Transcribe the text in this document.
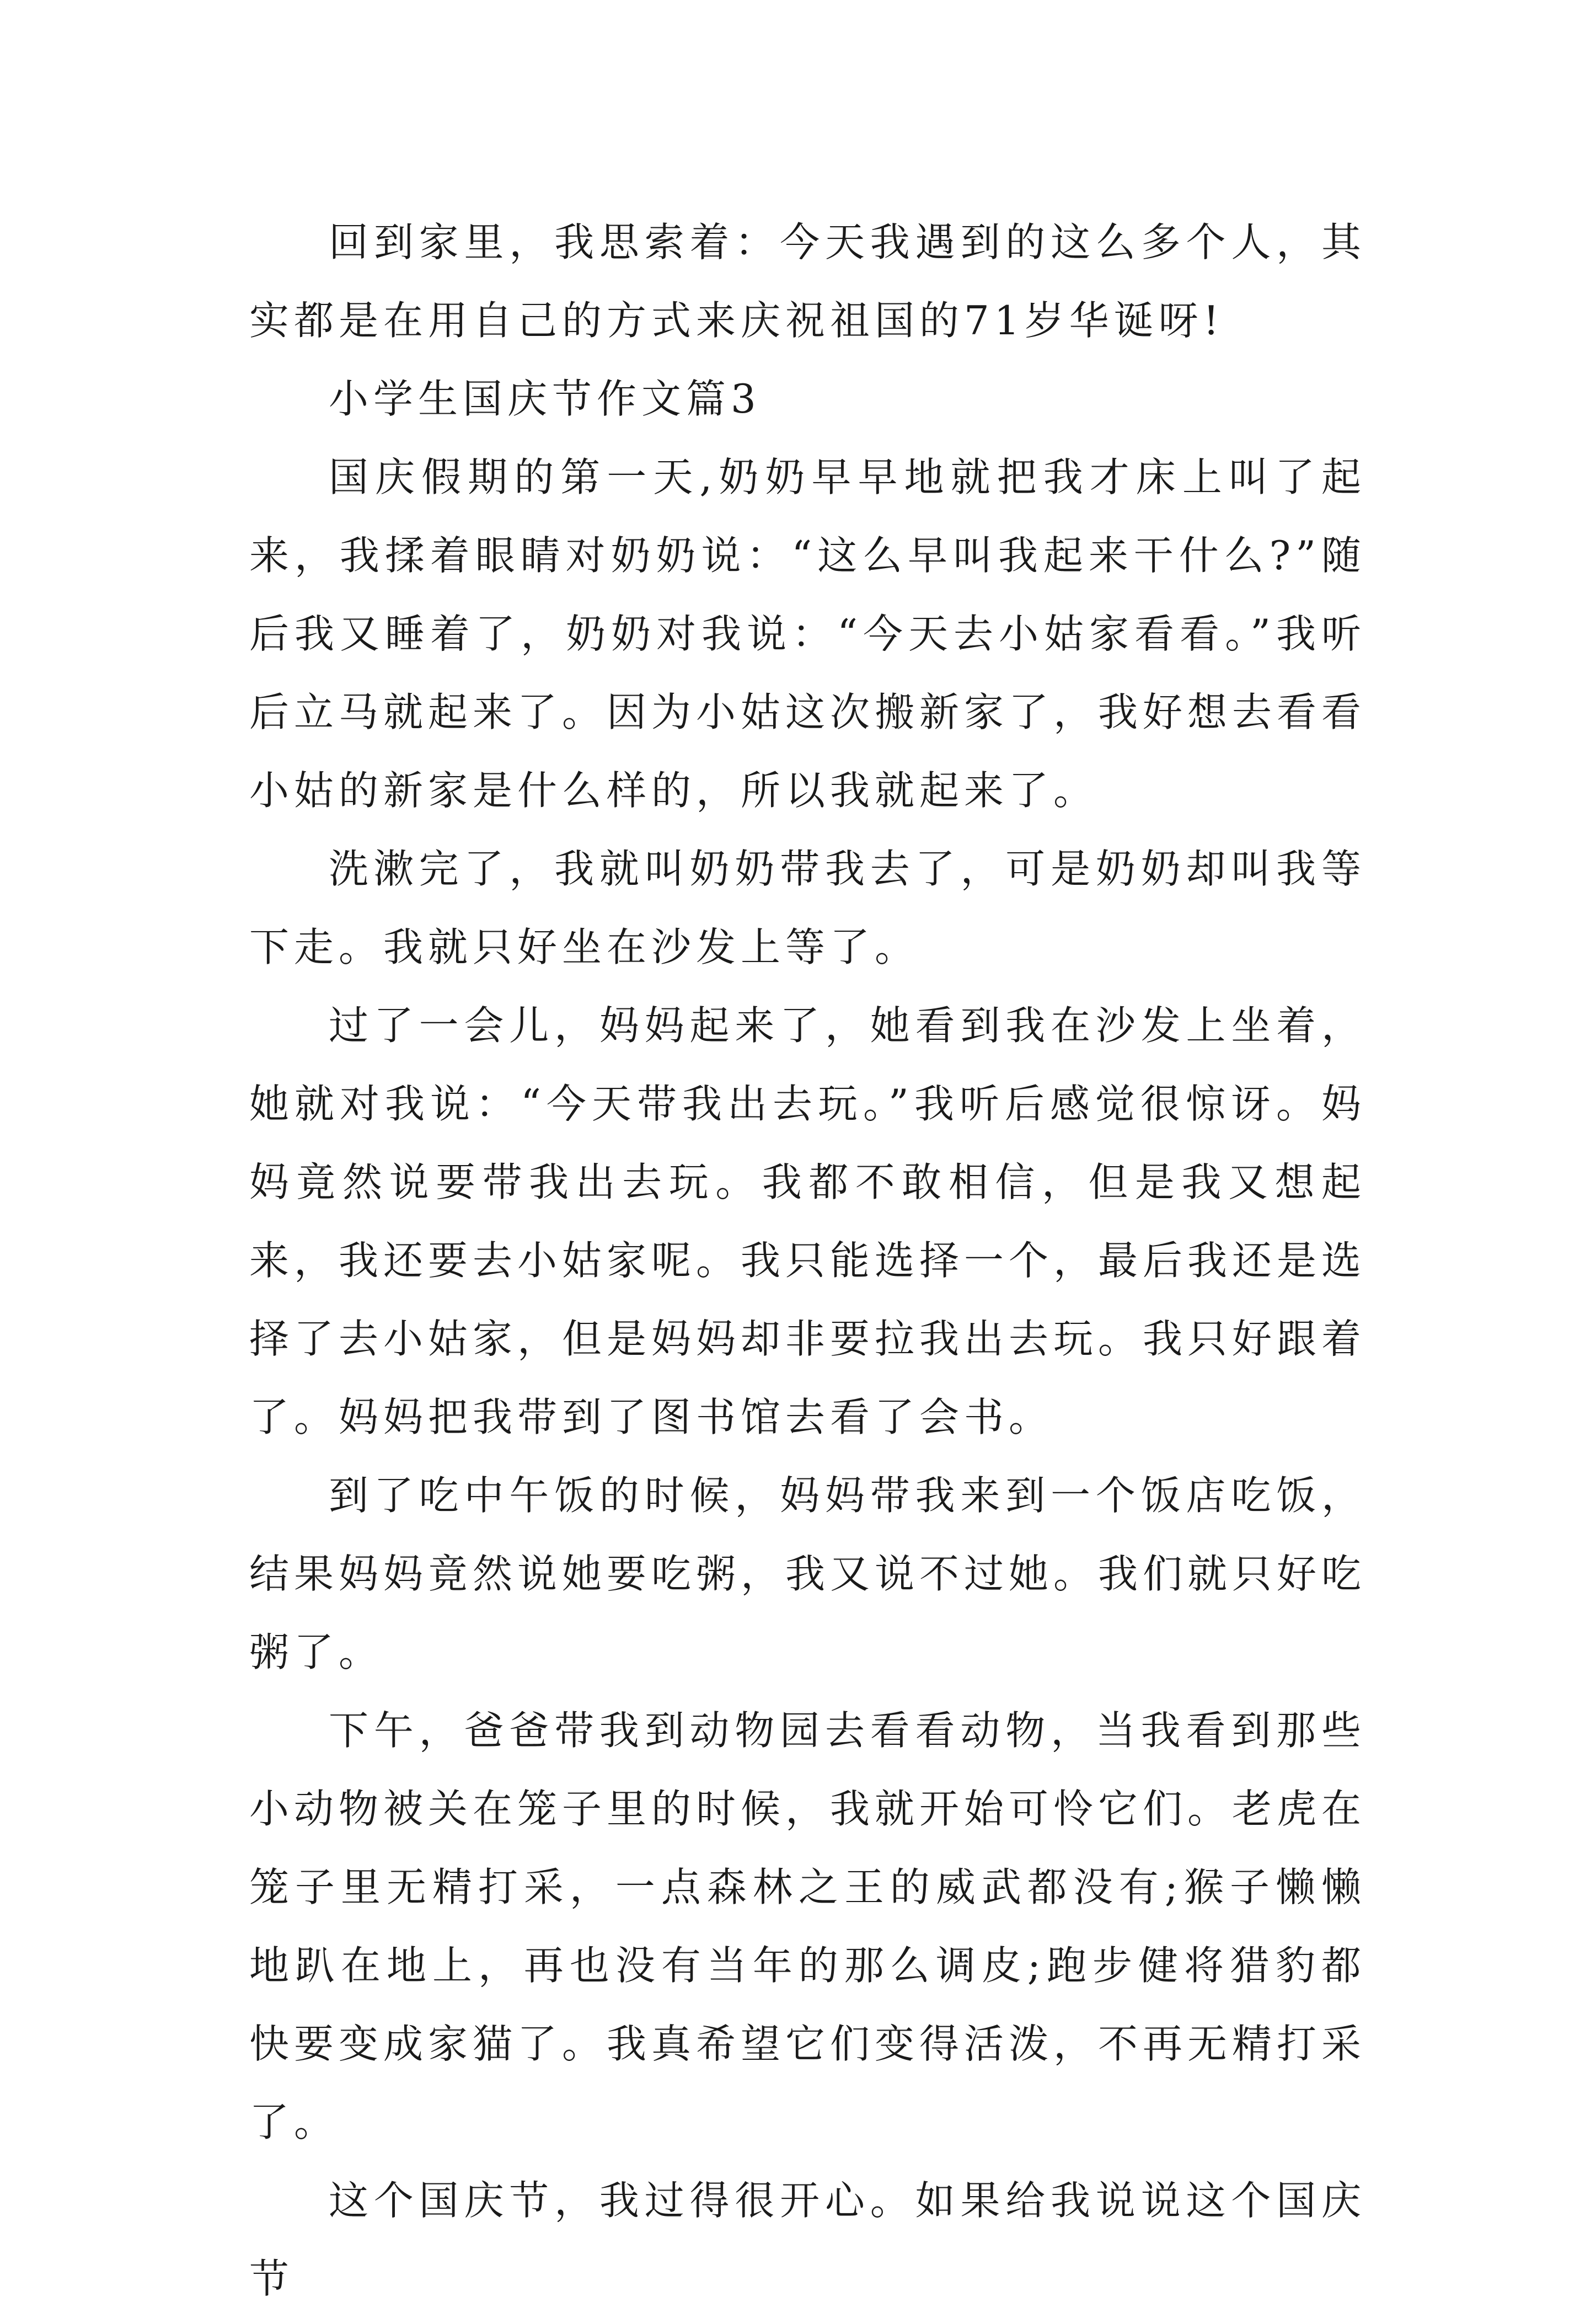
回到家里，我思索着：今天我遇到的这么多个人，其实都是在用自己的方式来庆祝祖国的71岁华诞呀!

小学生国庆节作文篇3

国庆假期的第一天,奶奶早早地就把我才床上叫了起来，我揉着眼睛对奶奶说：“这么早叫我起来干什么?”随后我又睡着了，奶奶对我说：“今天去小姑家看看。”我听后立马就起来了。因为小姑这次搬新家了，我好想去看看小姑的新家是什么样的，所以我就起来了。

洗漱完了，我就叫奶奶带我去了，可是奶奶却叫我等下走。我就只好坐在沙发上等了。

过了一会儿，妈妈起来了，她看到我在沙发上坐着，她就对我说：“今天带我出去玩。”我听后感觉很惊讶。妈妈竟然说要带我出去玩。我都不敢相信，但是我又想起来，我还要去小姑家呢。我只能选择一个，最后我还是选择了去小姑家，但是妈妈却非要拉我出去玩。我只好跟着了。妈妈把我带到了图书馆去看了会书。

到了吃中午饭的时候，妈妈带我来到一个饭店吃饭，结果妈妈竟然说她要吃粥，我又说不过她。我们就只好吃粥了。

下午，爸爸带我到动物园去看看动物，当我看到那些小动物被关在笼子里的时候，我就开始可怜它们。老虎在笼子里无精打采，一点森林之王的威武都没有;猴子懒懒地趴在地上，再也没有当年的那么调皮;跑步健将猎豹都快要变成家猫了。我真希望它们变得活泼，不再无精打采了。

这个国庆节，我过得很开心。如果给我说说这个国庆节
